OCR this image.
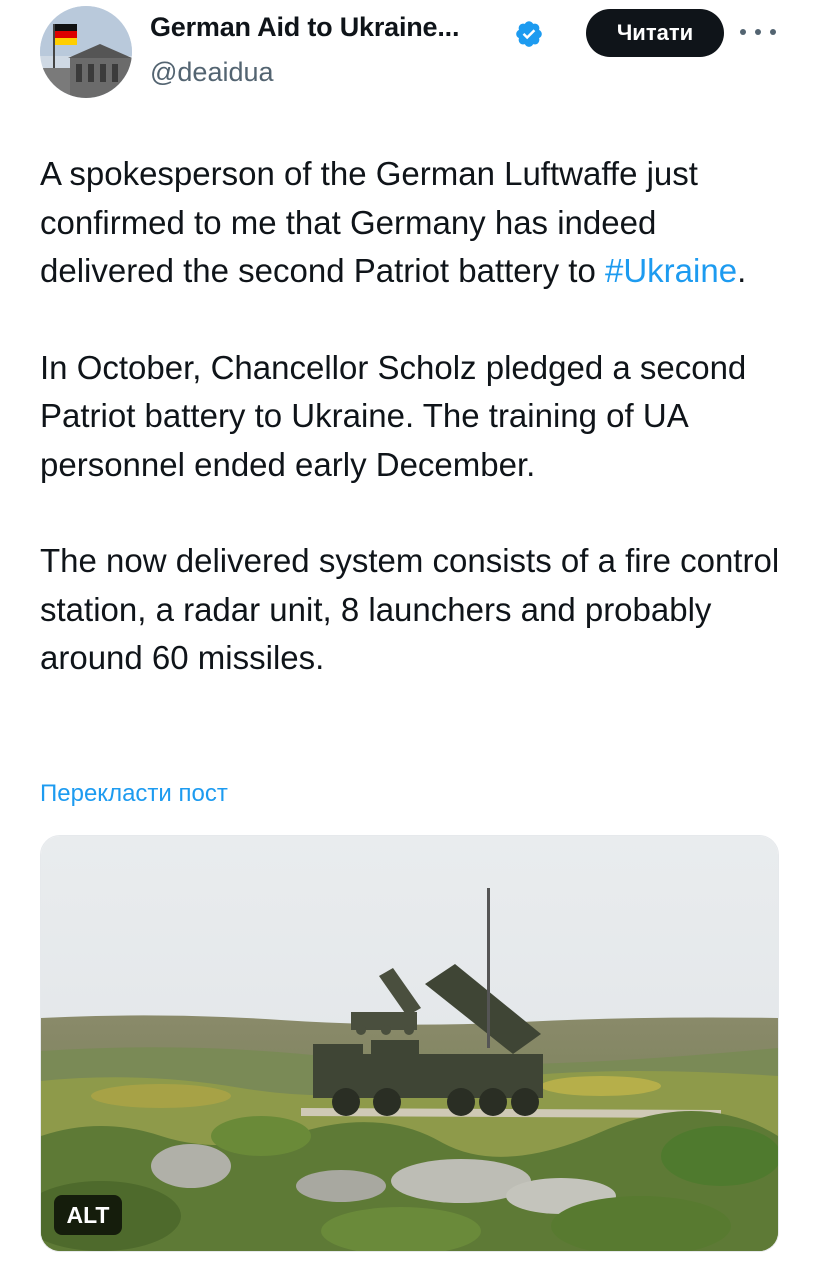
German Aid to Ukraine...
@deaidua
Читати

A spokesperson of the German Luftwaffe just confirmed to me that Germany has indeed delivered the second Patriot battery to #Ukraine.

In October, Chancellor Scholz pledged a second Patriot battery to Ukraine. The training of UA personnel ended early December.

The now delivered system consists of a fire control station, a radar unit, 8 launchers and probably around 60 missiles.

Перекласти пост
ALT
